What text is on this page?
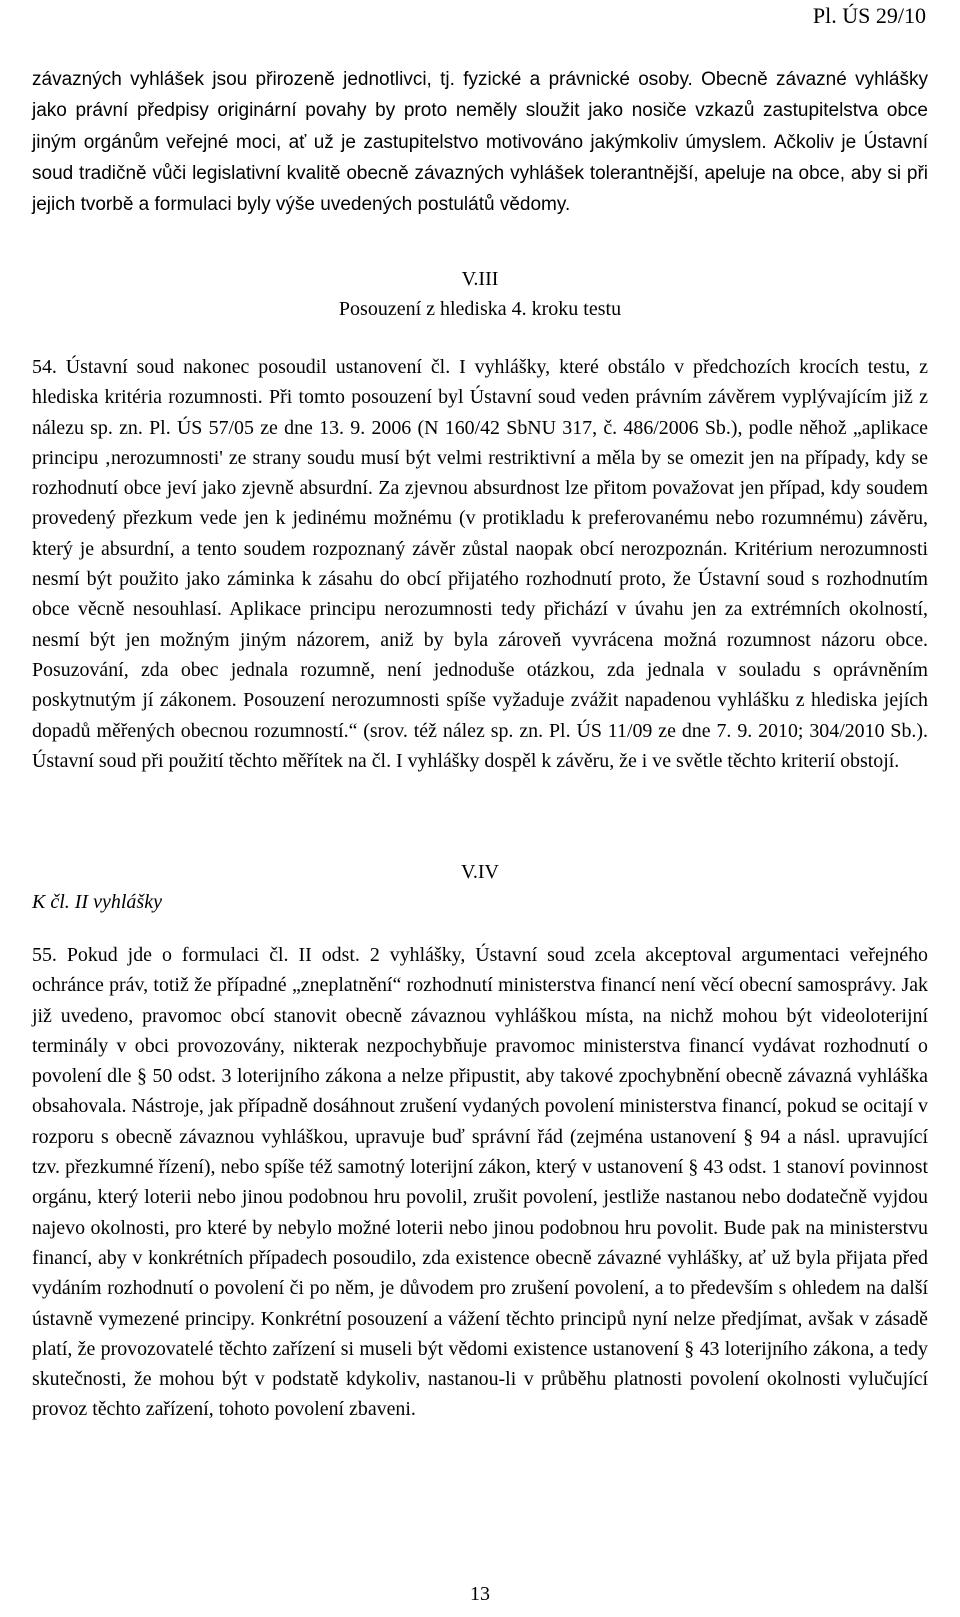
Pl. ÚS 29/10

závazných vyhlášek jsou přirozeně jednotlivci, tj. fyzické a právnické osoby. Obecně závazné vyhlášky jako právní předpisy originární povahy by proto neměly sloužit jako nosiče vzkazů zastupitelstva obce jiným orgánům veřejné moci, ať už je zastupitelstvo motivováno jakýmkoliv úmyslem. Ačkoliv je Ústavní soud tradičně vůči legislativní kvalitě obecně závazných vyhlášek tolerantnější, apeluje na obce, aby si při jejich tvorbě a formulaci byly výše uvedených postulátů vědomy.

V.III
Posouzení z hlediska 4. kroku testu

54. Ústavní soud nakonec posoudil ustanovení čl. I vyhlášky, které obstálo v předchozích krocích testu, z hlediska kritéria rozumnosti. Při tomto posouzení byl Ústavní soud veden právním závěrem vyplývajícím již z nálezu sp. zn. Pl. ÚS 57/05 ze dne 13. 9. 2006 (N 160/42 SbNU 317, č. 486/2006 Sb.), podle něhož „aplikace principu ‚nerozumnosti' ze strany soudu musí být velmi restriktivní a měla by se omezit jen na případy, kdy se rozhodnutí obce jeví jako zjevně absurdní. Za zjevnou absurdnost lze přitom považovat jen případ, kdy soudem provedený přezkum vede jen k jedinému možnému (v protikladu k preferovanému nebo rozumnému) závěru, který je absurdní, a tento soudem rozpoznaný závěr zůstal naopak obcí nerozpoznán. Kritérium nerozumnosti nesmí být použito jako záminka k zásahu do obcí přijatého rozhodnutí proto, že Ústavní soud s rozhodnutím obce věcně nesouhlasí. Aplikace principu nerozumnosti tedy přichází v úvahu jen za extrémních okolností, nesmí být jen možným jiným názorem, aniž by byla zároveň vyvrácena možná rozumnost názoru obce. Posuzování, zda obec jednala rozumně, není jednoduše otázkou, zda jednala v souladu s oprávněním poskytnutým jí zákonem. Posouzení nerozumnosti spíše vyžaduje zvážit napadenou vyhlášku z hlediska jejích dopadů měřených obecnou rozumností.“ (srov. též nález sp. zn. Pl. ÚS 11/09 ze dne 7. 9. 2010; 304/2010 Sb.). Ústavní soud při použití těchto měřítek na čl. I vyhlášky dospěl k závěru, že i ve světle těchto kriterií obstojí.

V.IV
K čl. II vyhlášky

55. Pokud jde o formulaci čl. II odst. 2 vyhlášky, Ústavní soud zcela akceptoval argumentaci veřejného ochránce práv, totiž že případné „zneplatnění“ rozhodnutí ministerstva financí není věcí obecní samosprávy. Jak již uvedeno, pravomoc obcí stanovit obecně závaznou vyhláškou místa, na nichž mohou být videoloterijní terminály v obci provozovány, nikterak nezpochybňuje pravomoc ministerstva financí vydávat rozhodnutí o povolení dle § 50 odst. 3 loterijního zákona a nelze připustit, aby takové zpochybnění obecně závazná vyhláška obsahovala. Nástroje, jak případně dosáhnout zrušení vydaných povolení ministerstva financí, pokud se ocitají v rozporu s obecně závaznou vyhláškou, upravuje buď správní řád (zejména ustanovení § 94 a násl. upravující tzv. přezkumné řízení), nebo spíše též samotný loterijní zákon, který v ustanovení § 43 odst. 1 stanoví povinnost orgánu, který loterii nebo jinou podobnou hru povolil, zrušit povolení, jestliže nastanou nebo dodatečně vyjdou najevo okolnosti, pro které by nebylo možné loterii nebo jinou podobnou hru povolit. Bude pak na ministerstvu financí, aby v konkrétních případech posoudilo, zda existence obecně závazné vyhlášky, ať už byla přijata před vydáním rozhodnutí o povolení či po něm, je důvodem pro zrušení povolení, a to především s ohledem na další ústavně vymezené principy. Konkrétní posouzení a vážení těchto principů nyní nelze předjímat, avšak v zásadě platí, že provozovatelé těchto zařízení si museli být vědomi existence ustanovení § 43 loterijního zákona, a tedy skutečnosti, že mohou být v podstatě kdykoliv, nastanou-li v průběhu platnosti povolení okolnosti vylučující provoz těchto zařízení, tohoto povolení zbaveni.

13
